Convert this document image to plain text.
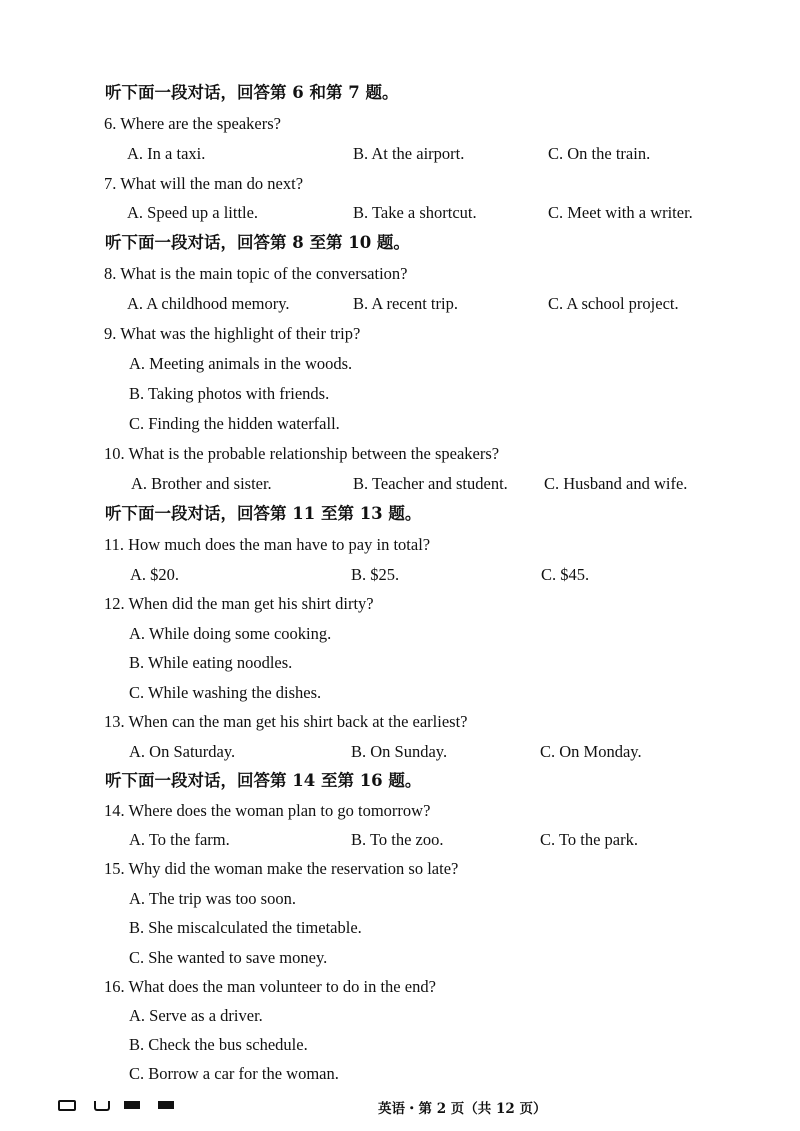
听下面一段对话，回答第 6 和第 7 题。
6. Where are the speakers?
A. In a taxi.	B. At the airport.	C. On the train.
7. What will the man do next?
A. Speed up a little.	B. Take a shortcut.	C. Meet with a writer.
听下面一段对话，回答第 8 至第 10 题。
8. What is the main topic of the conversation?
A. A childhood memory.	B. A recent trip.	C. A school project.
9. What was the highlight of their trip?
A. Meeting animals in the woods.
B. Taking photos with friends.
C. Finding the hidden waterfall.
10. What is the probable relationship between the speakers?
A. Brother and sister.	B. Teacher and student. C. Husband and wife.
听下面一段对话，回答第 11 至第 13 题。
11. How much does the man have to pay in total?
A. $20.	B. $25.	C. $45.
12. When did the man get his shirt dirty?
A. While doing some cooking.
B. While eating noodles.
C. While washing the dishes.
13. When can the man get his shirt back at the earliest?
A. On Saturday.	B. On Sunday.	C. On Monday.
听下面一段对话，回答第 14 至第 16 题。
14. Where does the woman plan to go tomorrow?
A. To the farm.	B. To the zoo.	C. To the park.
15. Why did the woman make the reservation so late?
A. The trip was too soon.
B. She miscalculated the timetable.
C. She wanted to save money.
16. What does the man volunteer to do in the end?
A. Serve as a driver.
B. Check the bus schedule.
C. Borrow a car for the woman.
英语・第 2 页（共 12 页）
